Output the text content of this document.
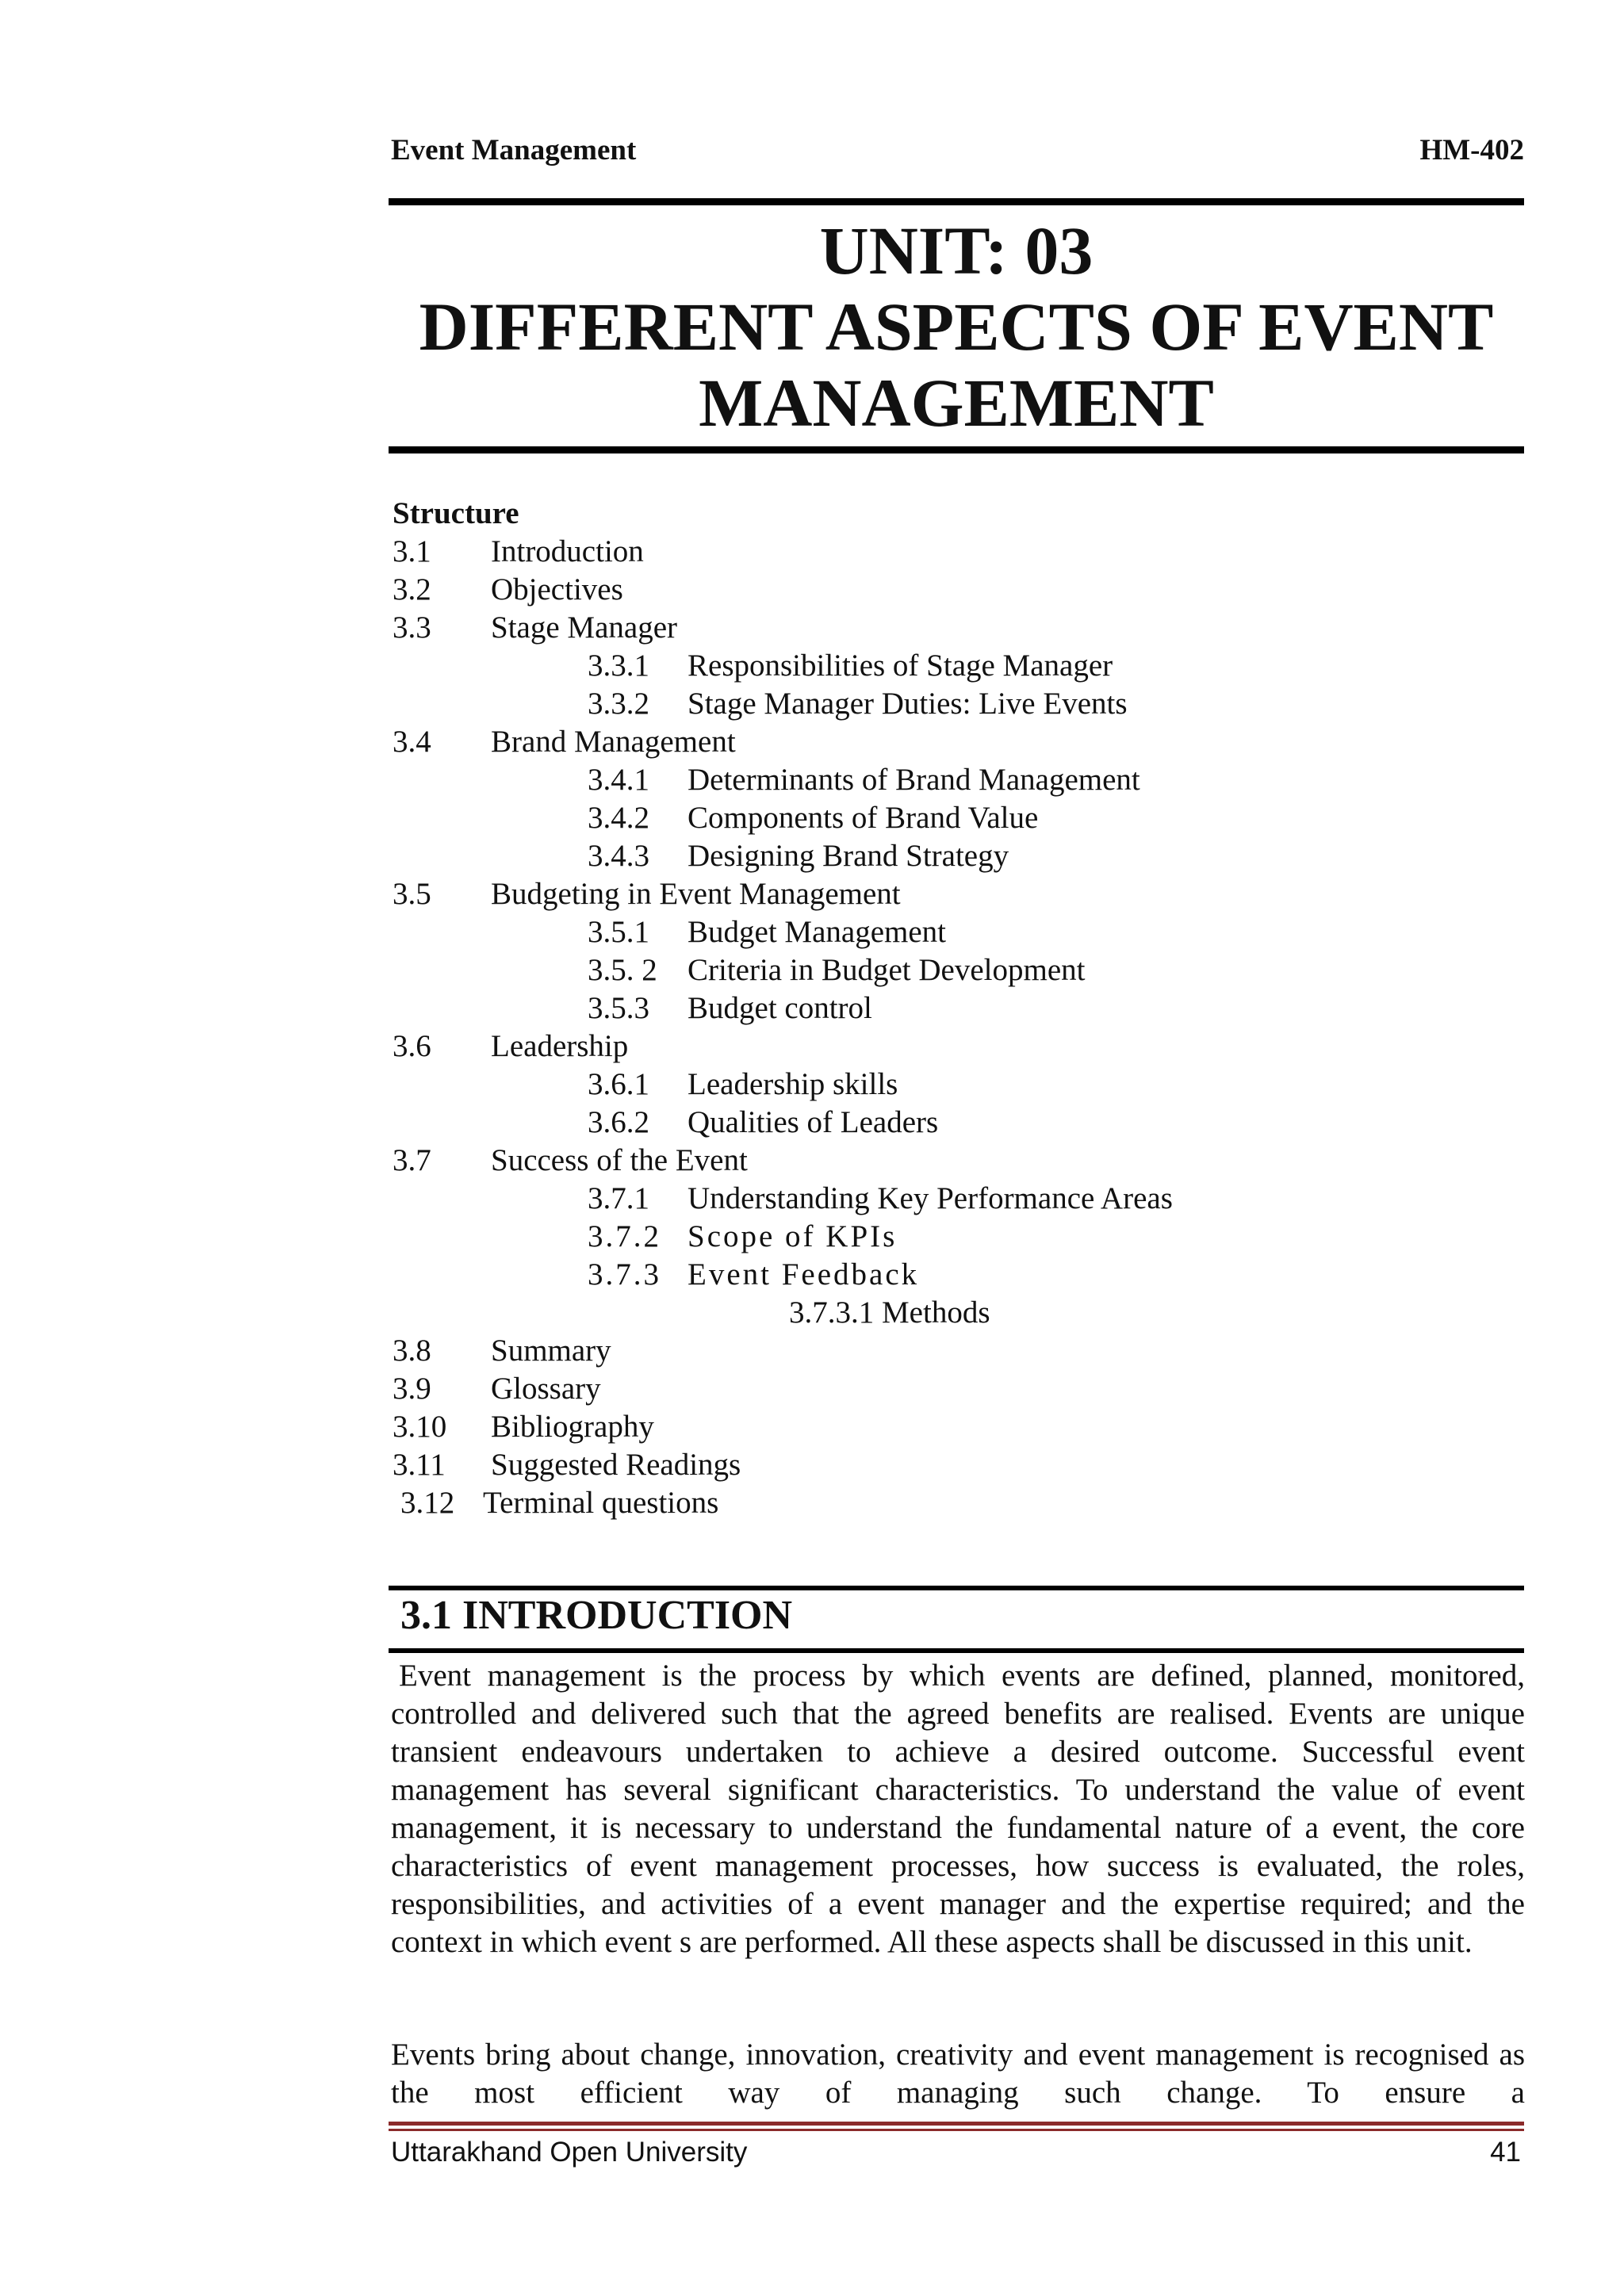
Event Management	HM-402
UNIT: 03
DIFFERENT ASPECTS OF EVENT
MANAGEMENT
Structure
3.1 Introduction
3.2 Objectives
3.3 Stage Manager
3.3.1 Responsibilities of Stage Manager
3.3.2 Stage Manager Duties: Live Events
3.4 Brand Management
3.4.1 Determinants of Brand Management
3.4.2 Components of Brand Value
3.4.3 Designing Brand Strategy
3.5 Budgeting in Event Management
3.5.1 Budget Management
3.5. 2 Criteria in Budget Development
3.5.3 Budget control
3.6 Leadership
3.6.1 Leadership skills
3.6.2 Qualities of Leaders
3.7 Success of the Event
3.7.1 Understanding Key Performance Areas
3.7.2 Scope of KPIs
3.7.3 Event Feedback
3.7.3.1 Methods
3.8 Summary
3.9 Glossary
3.10 Bibliography
3.11 Suggested Readings
3.12 Terminal questions
3.1 INTRODUCTION
Event management is the process by which events are defined, planned, monitored, controlled and delivered such that the agreed benefits are realised. Events are unique transient endeavours undertaken to achieve a desired outcome. Successful event management has several significant characteristics. To understand the value of event management, it is necessary to understand the fundamental nature of a event, the core characteristics of event management processes, how success is evaluated, the roles, responsibilities, and activities of a event manager and the expertise required; and the context in which event s are performed. All these aspects shall be discussed in this unit.
Events bring about change, innovation, creativity and event management is recognised as the most efficient way of managing such change. To ensure a
Uttarakhand Open University	41
